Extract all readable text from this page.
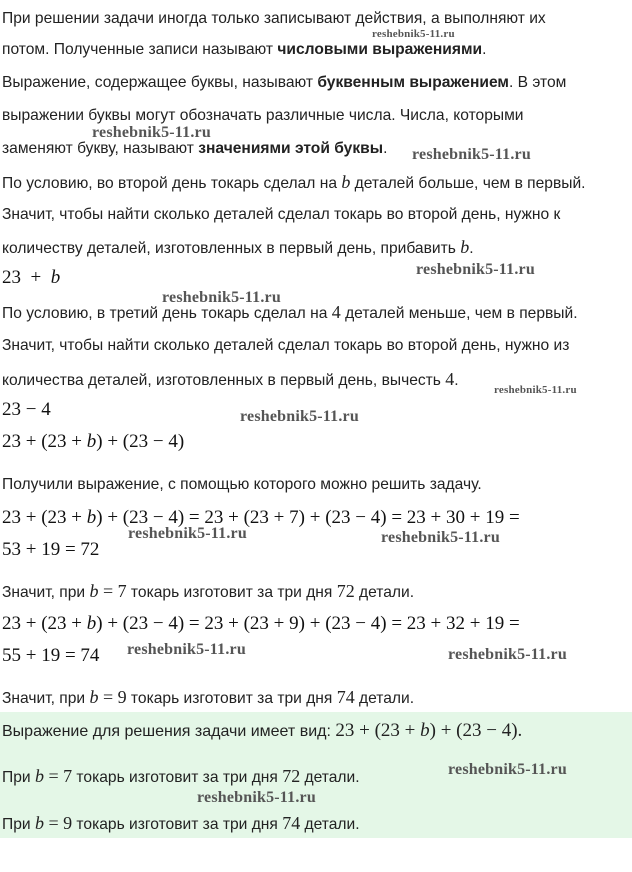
При решении задачи иногда только записывают действия, а выполняют их
потом. Полученные записи называют числовыми выражениями.
Выражение, содержащее буквы, называют буквенным выражением. В этом
выражении буквы могут обозначать различные числа. Числа, которыми
заменяют букву, называют значениями этой буквы.
По условию, во второй день токарь сделал на b деталей больше, чем в первый.
Значит, чтобы найти сколько деталей сделал токарь во второй день, нужно к
количеству деталей, изготовленных в первый день, прибавить b.
23 + b
По условию, в третий день токарь сделал на 4 деталей меньше, чем в первый.
Значит, чтобы найти сколько деталей сделал токарь во второй день, нужно из
количества деталей, изготовленных в первый день, вычесть 4.
23 − 4
23 + (23 + b) + (23 − 4)
Получили выражение, с помощью которого можно решить задачу.
23 + (23 + b) + (23 − 4) = 23 + (23 + 7) + (23 − 4) = 23 + 30 + 19 =
53 + 19 = 72
Значит, при b = 7 токарь изготовит за три дня 72 детали.
23 + (23 + b) + (23 − 4) = 23 + (23 + 9) + (23 − 4) = 23 + 32 + 19 =
55 + 19 = 74
Значит, при b = 9 токарь изготовит за три дня 74 детали.
Выражение для решения задачи имеет вид: 23 + (23 + b) + (23 − 4).
При b = 7 токарь изготовит за три дня 72 детали.
При b = 9 токарь изготовит за три дня 74 детали.
reshebnik5-11.ru
reshebnik5-11.ru
reshebnik5-11.ru
reshebnik5-11.ru
reshebnik5-11.ru
reshebnik5-11.ru
reshebnik5-11.ru
reshebnik5-11.ru	reshebnik5-11.ru
reshebnik5-11.ru	reshebnik5-11.ru
reshebnik5-11.ru
reshebnik5-11.ru
